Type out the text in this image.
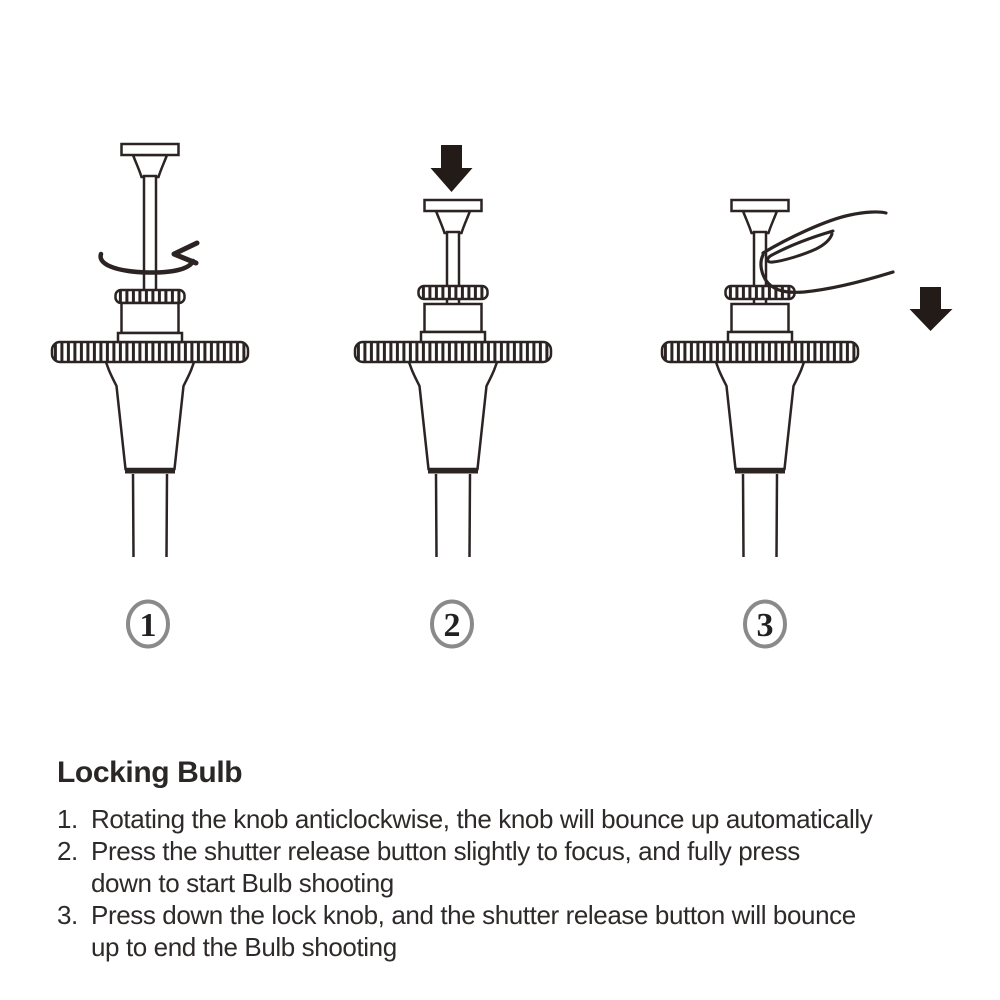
1	2	3
Locking Bulb
1. Rotating the knob anticlockwise, the knob will bounce up automatically
2. Press the shutter release button slightly to focus, and fully press
down to start Bulb shooting
3. Press down the lock knob, and the shutter release button will bounce
up to end the Bulb shooting
